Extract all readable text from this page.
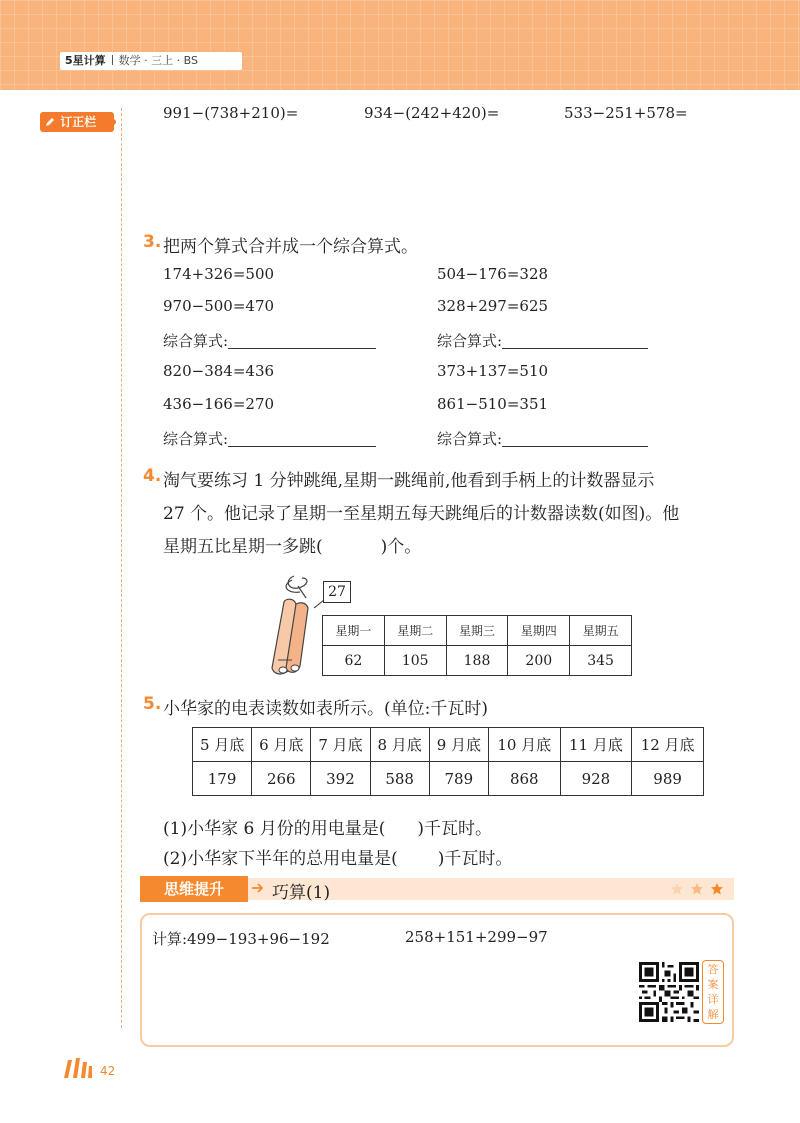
5星计算 数学 · 三上 · BS
订正栏	991−(738+210)=	934−(242+420)=	533−251+578=
3. 把两个算式合并成一个综合算式。
174+326=500	504−176=328
970−500=470	328+297=625
综合算式:	综合算式:
820−384=436	373+137=510
436−166=270	861−510=351
综合算式:	综合算式:
4. 淘气要练习 1 分钟跳绳,星期一跳绳前,他看到手柄上的计数器显示
27 个。他记录了星期一至星期五每天跳绳后的计数器读数(如图)。他
星期五比星期一多跳(	)个。
27
星期一	星期二	星期三	星期四	星期五
62	105	188	200	345
5. 小华家的电表读数如表所示。(单位:千瓦时)
5 月底	6 月底	7 月底	8 月底	9 月底	10 月底	11 月底	12 月底
179	266	392	588	789	868	928	989
(1)小华家 6 月份的用电量是( )千瓦时。
(2)小华家下半年的总用电量是( )千瓦时。
思维提升	巧算(1)
计算:499−193+96−192	258+151+299−97
答
案
详
解
42
